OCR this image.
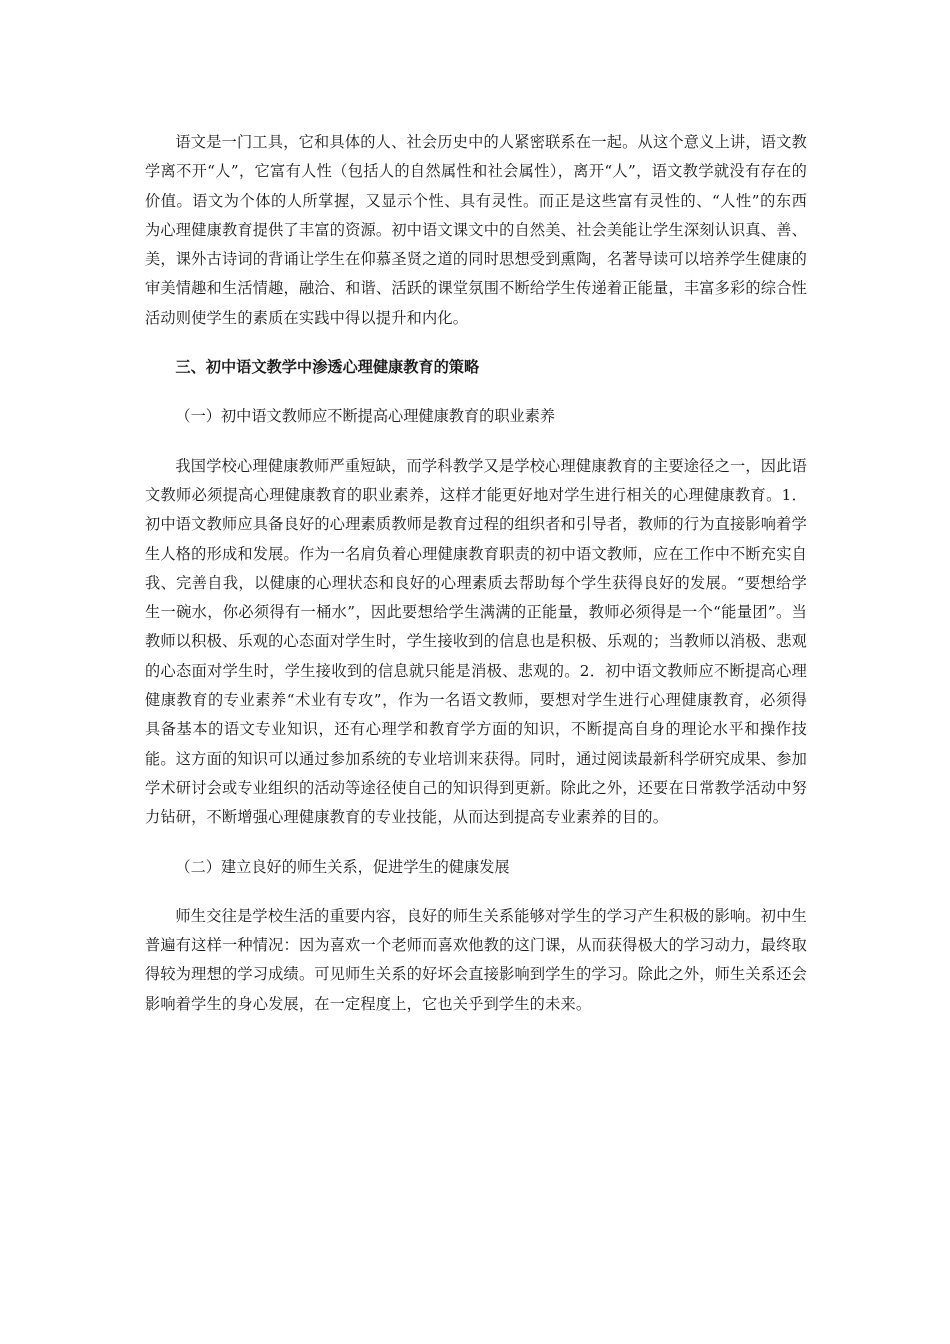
语文是一门工具，它和具体的人、社会历史中的人紧密联系在一起。从这个意义上讲，语文教学离不开“人”，它富有人性（包括人的自然属性和社会属性），离开“人”，语文教学就没有存在的价值。语文为个体的人所掌握，又显示个性、具有灵性。而正是这些富有灵性的、“人性”的东西为心理健康教育提供了丰富的资源。初中语文课文中的自然美、社会美能让学生深刻认识真、善、美，课外古诗词的背诵让学生在仰慕圣贤之道的同时思想受到熏陶，名著导读可以培养学生健康的审美情趣和生活情趣，融洽、和谐、活跃的课堂氛围不断给学生传递着正能量，丰富多彩的综合性活动则使学生的素质在实践中得以提升和内化。

三、初中语文教学中渗透心理健康教育的策略
（一）初中语文教师应不断提高心理健康教育的职业素养

我国学校心理健康教师严重短缺，而学科教学又是学校心理健康教育的主要途径之一，因此语文教师必须提高心理健康教育的职业素养，这样才能更好地对学生进行相关的心理健康教育。1．初中语文教师应具备良好的心理素质教师是教育过程的组织者和引导者，教师的行为直接影响着学生人格的形成和发展。作为一名肩负着心理健康教育职责的初中语文教师，应在工作中不断充实自我、完善自我，以健康的心理状态和良好的心理素质去帮助每个学生获得良好的发展。“要想给学生一碗水，你必须得有一桶水”，因此要想给学生满满的正能量，教师必须得是一个“能量团”。当教师以积极、乐观的心态面对学生时，学生接收到的信息也是积极、乐观的；当教师以消极、悲观的心态面对学生时，学生接收到的信息就只能是消极、悲观的。2．初中语文教师应不断提高心理健康教育的专业素养“术业有专攻”，作为一名语文教师，要想对学生进行心理健康教育，必须得具备基本的语文专业知识，还有心理学和教育学方面的知识，不断提高自身的理论水平和操作技能。这方面的知识可以通过参加系统的专业培训来获得。同时，通过阅读最新科学研究成果、参加学术研讨会或专业组织的活动等途径使自己的知识得到更新。除此之外，还要在日常教学活动中努力钻研，不断增强心理健康教育的专业技能，从而达到提高专业素养的目的。

（二）建立良好的师生关系，促进学生的健康发展

师生交往是学校生活的重要内容，良好的师生关系能够对学生的学习产生积极的影响。初中生普遍有这样一种情况：因为喜欢一个老师而喜欢他教的这门课，从而获得极大的学习动力，最终取得较为理想的学习成绩。可见师生关系的好坏会直接影响到学生的学习。除此之外，师生关系还会影响着学生的身心发展，在一定程度上，它也关乎到学生的未来。
